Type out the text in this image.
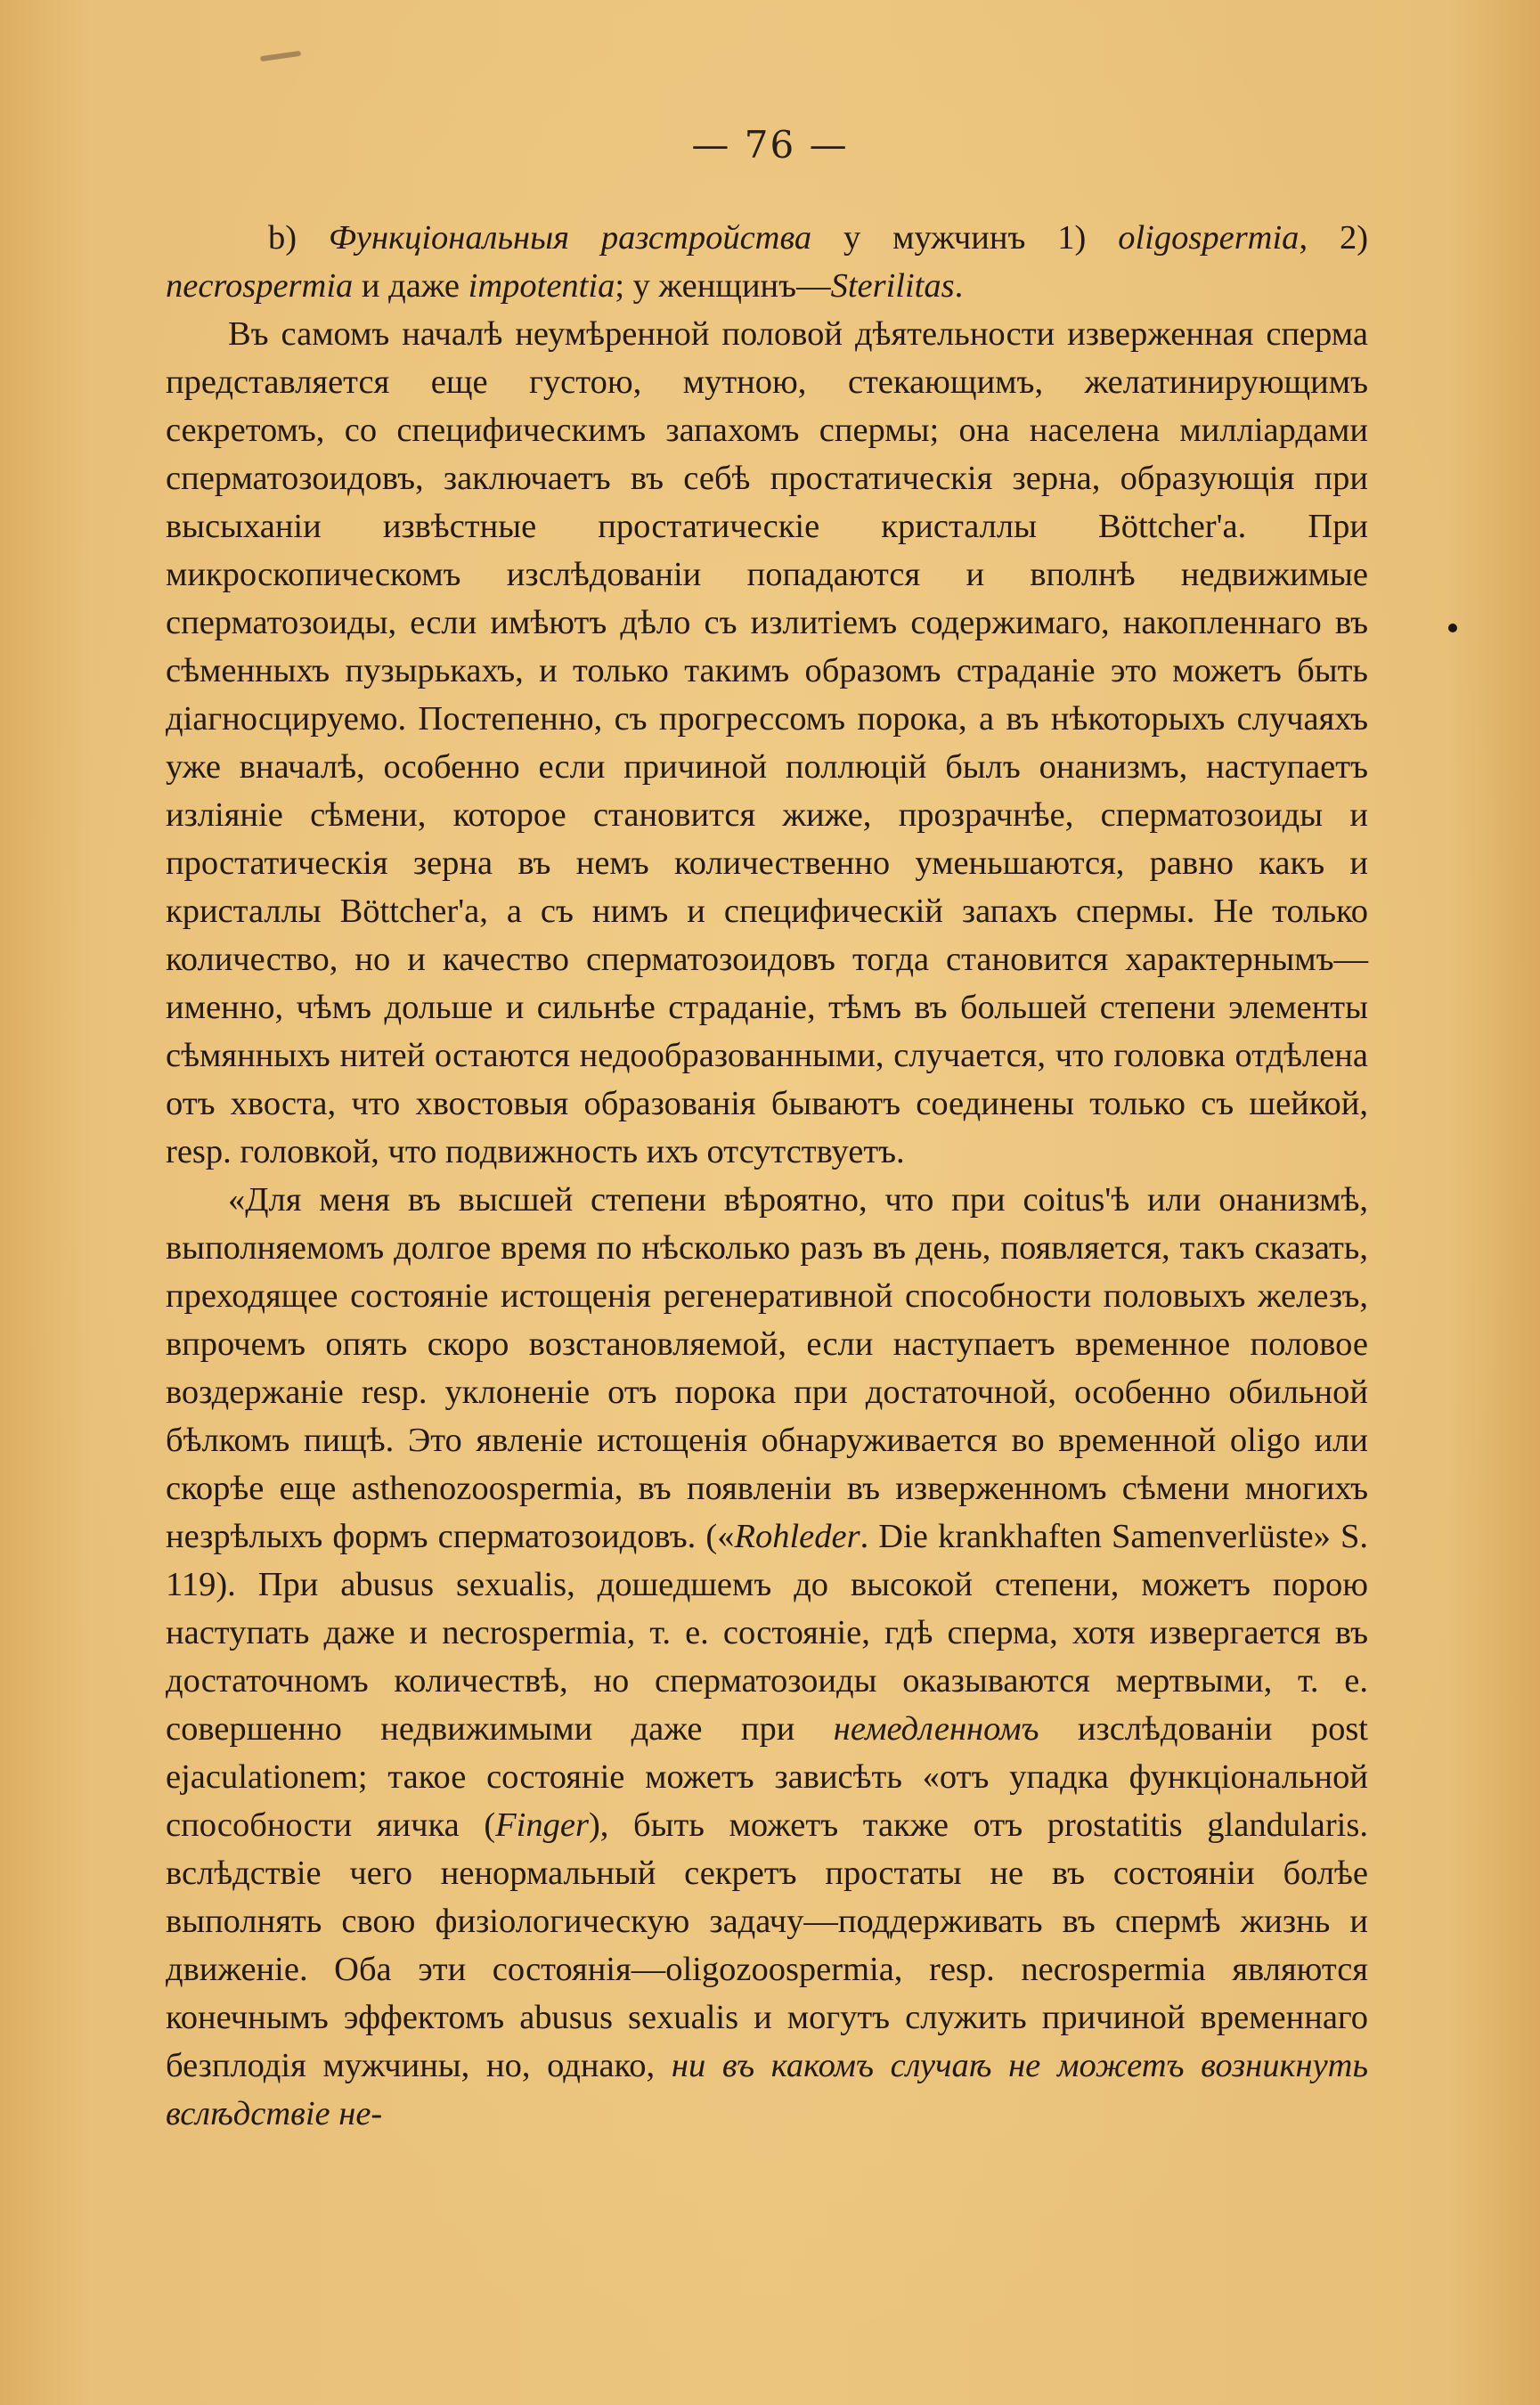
— 76 —

b) Функціональныя разстройства у мужчинъ 1) oligospermia, 2) necrospermia и даже impotentia; у женщинъ—Sterilitas.

Въ самомъ началѣ неумѣренной половой дѣятельности изверженная сперма представляется еще густою, мутною, стекающимъ, желатинирующимъ секретомъ, со специфическимъ запахомъ спермы; она населена милліардами сперматозоидовъ, заключаетъ въ себѣ простатическія зерна, образующія при высыханіи извѣстные простатическіе кристаллы Böttcher'a. При микроскопическомъ изслѣдованіи попадаются и вполнѣ недвижимые сперматозоиды, если имѣютъ дѣло съ излитіемъ содержимаго, накопленнаго въ сѣменныхъ пузырькахъ, и только такимъ образомъ страданіе это можетъ быть діагносцируемо. Постепенно, съ прогрессомъ порока, а въ нѣкоторыхъ случаяхъ уже вначалѣ, особенно если причиной поллюцій былъ онанизмъ, наступаетъ изліяніе сѣмени, которое становится жиже, прозрачнѣе, сперматозоиды и простатическія зерна въ немъ количественно уменьшаются, равно какъ и кристаллы Böttcher'a, а съ нимъ и специфическій запахъ спермы. Не только количество, но и качество сперматозоидовъ тогда становится характернымъ—именно, чѣмъ дольше и сильнѣе страданіе, тѣмъ въ большей степени элементы сѣмянныхъ нитей остаются недообразованными, случается, что головка отдѣлена отъ хвоста, что хвостовыя образованія бываютъ соединены только съ шейкой, resp. головкой, что подвижность ихъ отсутствуетъ.

«Для меня въ высшей степени вѣроятно, что при coitus'ѣ или онанизмѣ, выполняемомъ долгое время по нѣсколько разъ въ день, появляется, такъ сказать, преходящее состояніе истощенія регенеративной способности половыхъ железъ, впрочемъ опять скоро возстановляемой, если наступаетъ временное половое воздержаніе resp. уклоненіе отъ порока при достаточной, особенно обильной бѣлкомъ пищѣ. Это явленіе истощенія обнаруживается во временной oligo или скорѣе еще asthenozoospermia, въ появленіи въ изверженномъ сѣмени многихъ незрѣлыхъ формъ сперматозоидовъ. («Rohleder. Die krankhaften Samenverlüste» S. 119). При abusus sexualis, дошедшемъ до высокой степени, можетъ порою наступать даже и necrospermia, т. е. состояніе, гдѣ сперма, хотя извергается въ достаточномъ количествѣ, но сперматозоиды оказываются мертвыми, т. е. совершенно недвижимыми даже при немедленномъ изслѣдованіи post ejaculationem; такое состояніе можетъ зависѣть «отъ упадка функціональной способности яичка (Finger), быть можетъ также отъ prostatitis glandularis. вслѣдствіе чего ненормальный секретъ простаты не въ состояніи болѣе выполнять свою физіологическую задачу—поддерживать въ спермѣ жизнь и движеніе. Оба эти состоянія—oligozoospermia, resp. necrospermia являются конечнымъ эффектомъ abusus sexualis и могутъ служить причиной временнаго безплодія мужчины, но, однако, ни въ какомъ случаѣ не можетъ возникнуть вслѣдствіе не-
